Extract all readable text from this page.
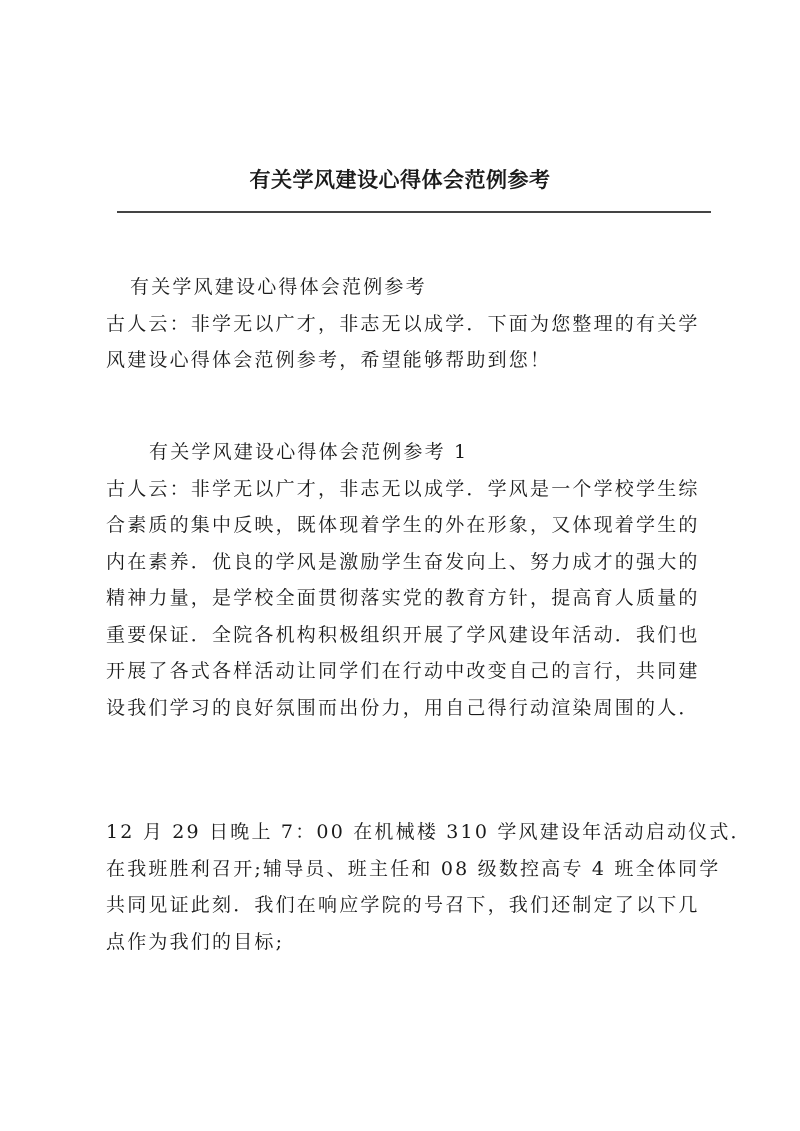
有关学风建设心得体会范例参考
有关学风建设心得体会范例参考
古人云：非学无以广才，非志无以成学．下面为您整理的有关学
风建设心得体会范例参考，希望能够帮助到您！
有关学风建设心得体会范例参考 1
古人云：非学无以广才，非志无以成学．学风是一个学校学生综
合素质的集中反映，既体现着学生的外在形象，又体现着学生的
内在素养．优良的学风是激励学生奋发向上、努力成才的强大的
精神力量，是学校全面贯彻落实党的教育方针，提高育人质量的
重要保证．全院各机构积极组织开展了学风建设年活动．我们也
开展了各式各样活动让同学们在行动中改变自己的言行，共同建
设我们学习的良好氛围而出份力，用自己得行动渲染周围的人．
12 月 29 日晚上 7：00 在机械楼 310 学风建设年活动启动仪式．
在我班胜利召开;辅导员、班主任和 08 级数控高专 4 班全体同学
共同见证此刻．我们在响应学院的号召下，我们还制定了以下几
点作为我们的目标;
